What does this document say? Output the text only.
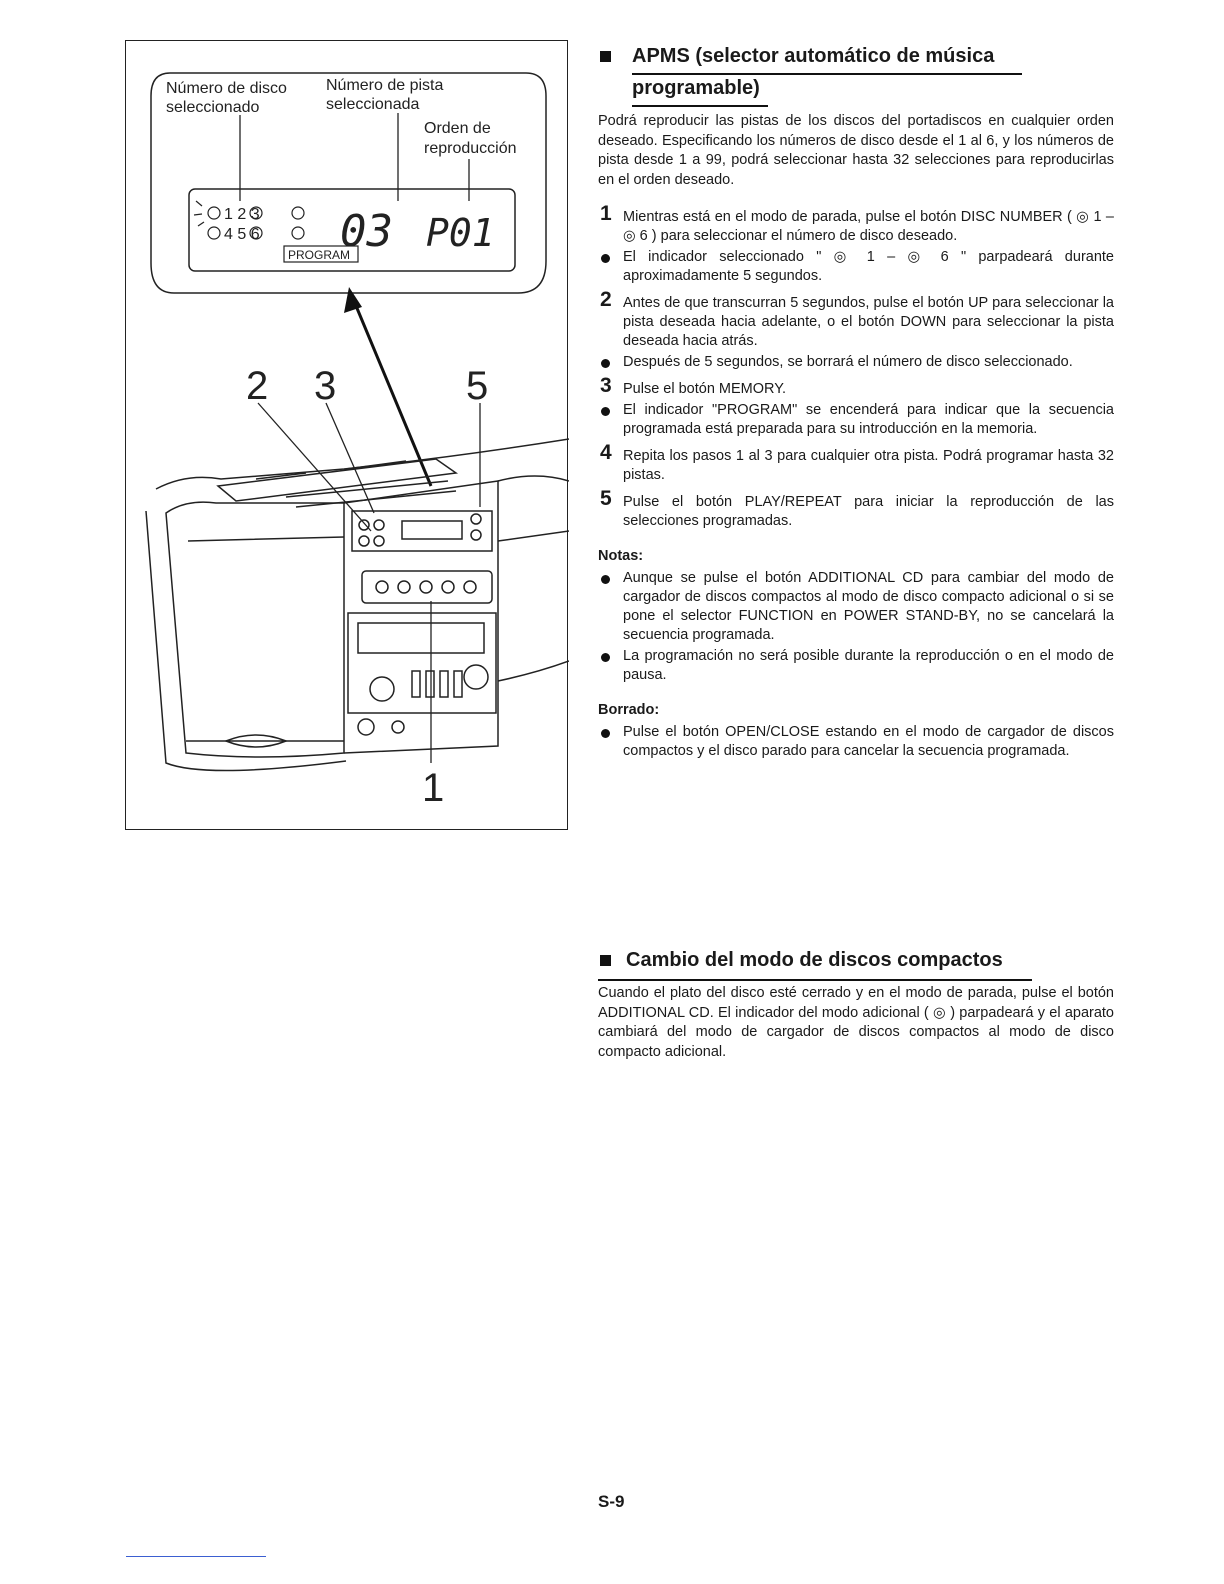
Número de disco
seleccionado
Número de pista
seleccionada
Orden de
reproducción
1 2 3
4 5 6 03 P01
PROGRAM
2 3	5
1
APMS (selector automático de música
programable)

Podrá reproducir las pistas de los discos del portadiscos en cualquier orden deseado. Especificando los números de disco desde el 1 al 6, y los números de pista desde 1 a 99, podrá seleccionar hasta 32 selecciones para reproducirlas en el orden deseado.

1 Mientras está en el modo de parada, pulse el botón DISC NUMBER ( ◎ 1 – ◎ 6 ) para seleccionar el número de disco deseado.
El indicador seleccionado " ◎ 1 – ◎ 6 " parpadeará durante aproximadamente 5 segundos.
2 Antes de que transcurran 5 segundos, pulse el botón UP para seleccionar la pista deseada hacia adelante, o el botón DOWN para seleccionar la pista deseada hacia atrás.
Después de 5 segundos, se borrará el número de disco seleccionado.
3 Pulse el botón MEMORY.
El indicador "PROGRAM" se encenderá para indicar que la secuencia programada está preparada para su introducción en la memoria.
4 Repita los pasos 1 al 3 para cualquier otra pista. Podrá programar hasta 32 pistas.
5 Pulse el botón PLAY/REPEAT para iniciar la reproducción de las selecciones programadas.
Notas:
Aunque se pulse el botón ADDITIONAL CD para cambiar del modo de cargador de discos compactos al modo de disco compacto adicional o si se pone el selector FUNCTION en POWER STAND-BY, no se cancelará la secuencia programada.
La programación no será posible durante la reproducción o en el modo de pausa.
Borrado:
Pulse el botón OPEN/CLOSE estando en el modo de cargador de discos compactos y el disco parado para cancelar la secuencia programada.
Cambio del modo de discos compactos

Cuando el plato del disco esté cerrado y en el modo de parada, pulse el botón ADDITIONAL CD. El indicador del modo adicional ( ◎ ) parpadeará y el aparato cambiará del modo de cargador de discos compactos al modo de disco compacto adicional.

S-9
